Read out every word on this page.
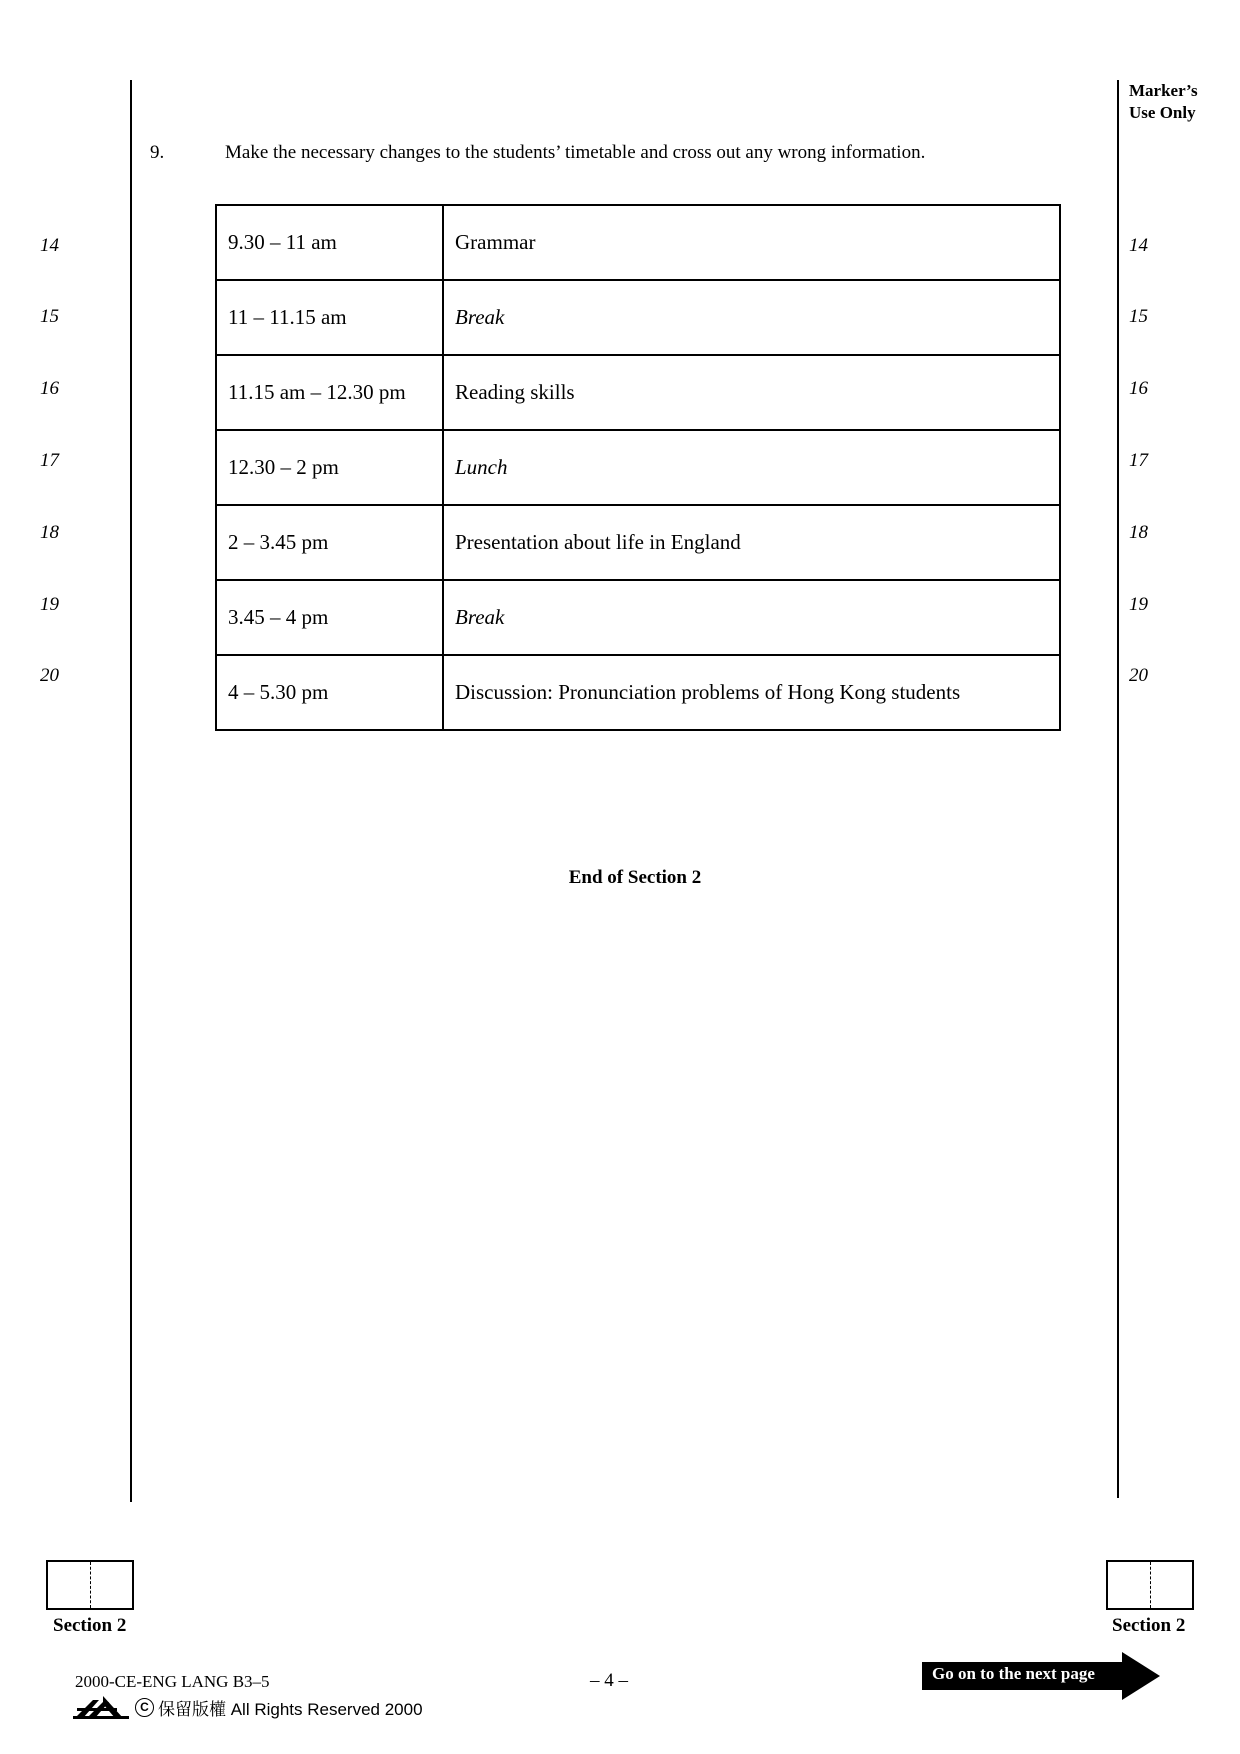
Marker’s
Use Only
9.	Make the necessary changes to the students’ timetable and cross out any wrong information.
14
15
16
17
18
19
20
14
15
16
17
18
19
20
9.30 – 11 am	Grammar
11 – 11.15 am	Break
11.15 am – 12.30 pm	Reading skills
12.30 – 2 pm	Lunch
2 – 3.45 pm	Presentation about life in England
3.45 – 4 pm	Break
4 – 5.30 pm	Discussion: Pronunciation problems of Hong Kong students
End of Section 2
Section 2	Section 2
2000-CE-ENG LANG B3–5	– 4 –
C 保留版權 All Rights Reserved 2000
Go on to the next page
